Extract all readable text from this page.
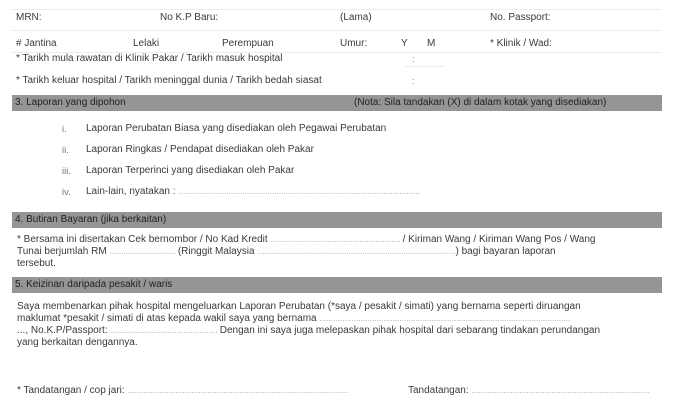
MRN:	No K.P Baru:	(Lama)	No. Passport:
# Jantina	Lelaki	Perempuan	Umur:	Y M	* Klinik / Wad:
* Tarikh mula rawatan di Klinik Pakar / Tarikh masuk hospital	:
* Tarikh keluar hospital / Tarikh meninggal dunia / Tarikh bedah siasat	:
3. Laporan yang dipohon	(Nota: Sila tandakan (X) di dalam kotak yang disediakan)
i. Laporan Perubatan Biasa yang disediakan oleh Pegawai Perubatan
ii. Laporan Ringkas / Pendapat disediakan oleh Pakar
iii. Laporan Terperinci yang disediakan oleh Pakar
iv. Lain-lain, nyatakan : ..........................................................................................................
4. Butiran Bayaran (jika berkaitan)
* Bersama ini disertakan Cek bernombor / No Kad Kredit ......................................................... / Kiriman Wang / Kiriman Wang Pos / Wang
Tunai berjumlah RM ............................. (Ringgit Malaysia .......................................................................................) bagi bayaran laporan
tersebut.
5. Keizinan daripada pesakit / waris
Saya membenarkan pihak hospital mengeluarkan Laporan Perubatan (*saya / pesakit / simati) yang bernama seperti diruangan
maklumat *pesakit / simati di atas kepada wakil saya yang bernama ..............................................................................................................
..., No.K.P/Passport: ............................................... Dengan ini saya juga melepaskan pihak hospital dari sebarang tindakan perundangan
yang berkaitan dengannya.
* Tandatangan / cop jari: .................................................................................................	Tandatangan: ..............................................................................
